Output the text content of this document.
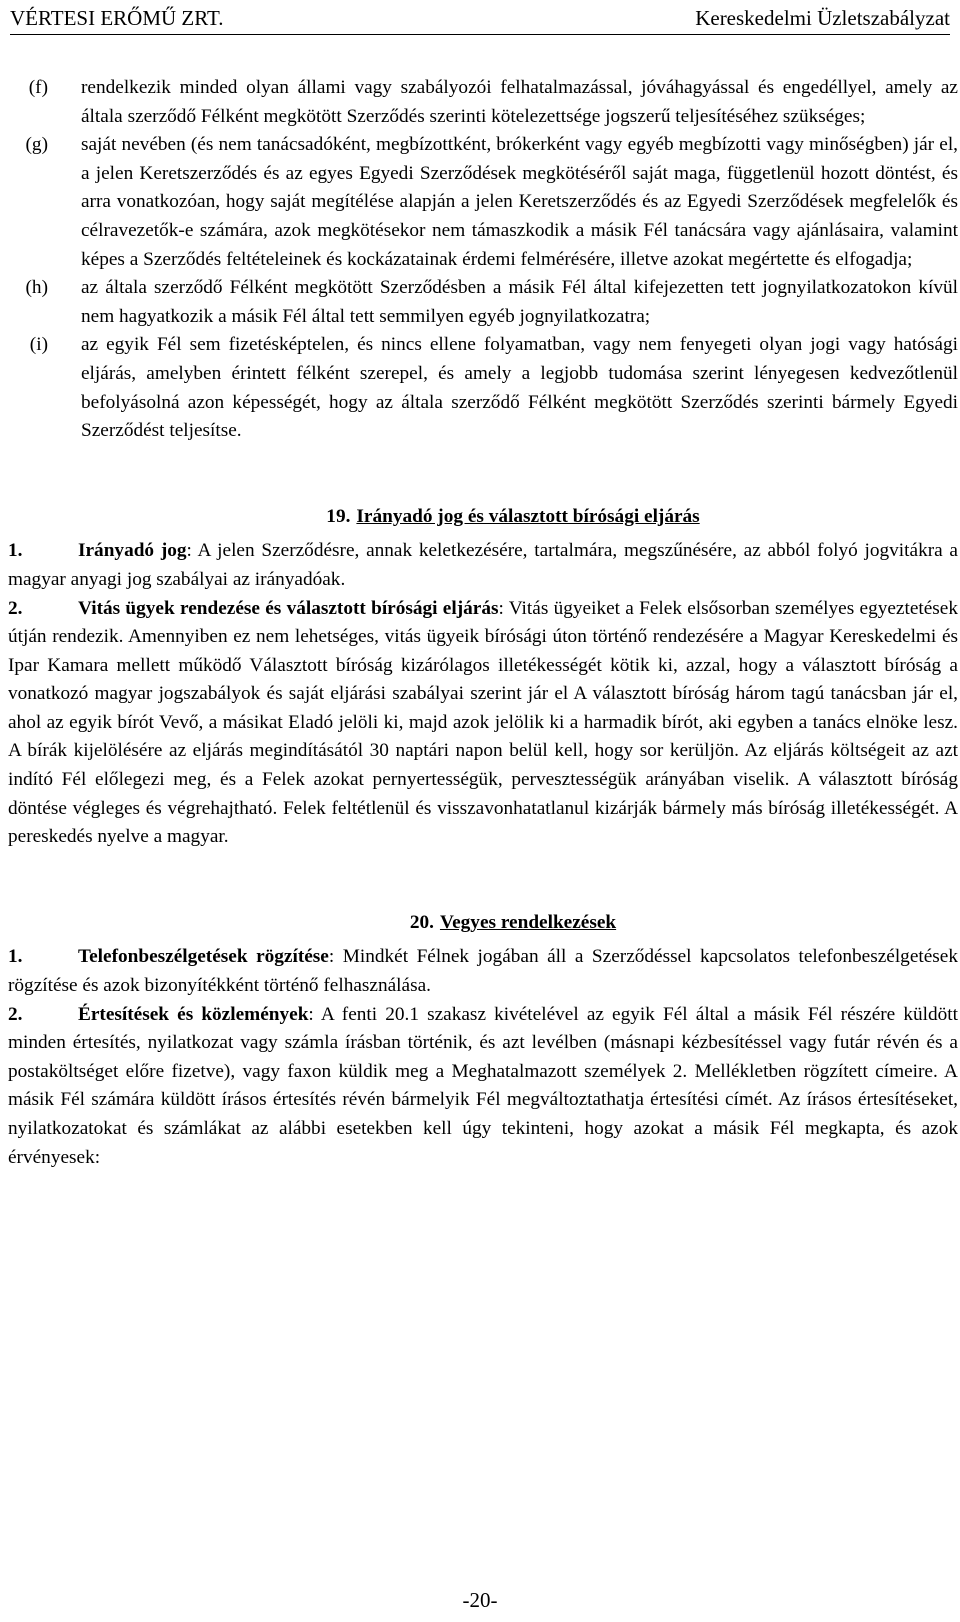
VÉRTESI ERŐMŰ ZRT.	Kereskedelmi Üzletszabályzat
(f) rendelkezik minded olyan állami vagy szabályozói felhatalmazással, jóváhagyással és engedéllyel, amely az általa szerződő Félként megkötött Szerződés szerinti kötelezettsége jogszerű teljesítéséhez szükséges;
(g) saját nevében (és nem tanácsadóként, megbízottként, brókerként vagy egyéb megbízotti vagy minőségben) jár el, a jelen Keretszerződés és az egyes Egyedi Szerződések megkötéséről saját maga, függetlenül hozott döntést, és arra vonatkozóan, hogy saját megítélése alapján a jelen Keretszerződés és az Egyedi Szerződések megfelelők és célravezetők-e számára, azok megkötésekor nem támaszkodik a másik Fél tanácsára vagy ajánlásaira, valamint képes a Szerződés feltételeinek és kockázatainak érdemi felmérésére, illetve azokat megértette és elfogadja;
(h) az általa szerződő Félként megkötött Szerződésben a másik Fél által kifejezetten tett jognyilatkozatokon kívül nem hagyatkozik a másik Fél által tett semmilyen egyéb jognyilatkozatra;
(i) az egyik Fél sem fizetésképtelen, és nincs ellene folyamatban, vagy nem fenyegeti olyan jogi vagy hatósági eljárás, amelyben érintett félként szerepel, és amely a legjobb tudomása szerint lényegesen kedvezőtlenül befolyásolná azon képességét, hogy az általa szerződő Félként megkötött Szerződés szerinti bármely Egyedi Szerződést teljesítse.
19. Irányadó jog és választott bírósági eljárás
1.	Irányadó jog: A jelen Szerződésre, annak keletkezésére, tartalmára, megszűnésére, az abból folyó jogvitákra a magyar anyagi jog szabályai az irányadóak.
2.	Vitás ügyek rendezése és választott bírósági eljárás: Vitás ügyeiket a Felek elsősorban személyes egyeztetések útján rendezik. Amennyiben ez nem lehetséges, vitás ügyeik bírósági úton történő rendezésére a Magyar Kereskedelmi és Ipar Kamara mellett működő Választott bíróság kizárólagos illetékességét kötik ki, azzal, hogy a választott bíróság a vonatkozó magyar jogszabályok és saját eljárási szabályai szerint jár el A választott bíróság három tagú tanácsban jár el, ahol az egyik bírót Vevő, a másikat Eladó jelöli ki, majd azok jelölik ki a harmadik bírót, aki egyben a tanács elnöke lesz. A bírák kijelölésére az eljárás megindításától 30 naptári napon belül kell, hogy sor kerüljön. Az eljárás költségeit az azt indító Fél előlegezi meg, és a Felek azokat pernyertességük, pervesztességük arányában viselik. A választott bíróság döntése végleges és végrehajtható. Felek feltétlenül és visszavonhatatlanul kizárják bármely más bíróság illetékességét. A pereskedés nyelve a magyar.
20. Vegyes rendelkezések
1.	Telefonbeszélgetések rögzítése: Mindkét Félnek jogában áll a Szerződéssel kapcsolatos telefonbeszélgetések rögzítése és azok bizonyítékként történő felhasználása.
2.	Értesítések és közlemények: A fenti 20.1 szakasz kivételével az egyik Fél által a másik Fél részére küldött minden értesítés, nyilatkozat vagy számla írásban történik, és azt levélben (másnapi kézbesítéssel vagy futár révén és a postaköltséget előre fizetve), vagy faxon küldik meg a Meghatalmazott személyek 2. Mellékletben rögzített címeire. A másik Fél számára küldött írásos értesítés révén bármelyik Fél megváltoztathatja értesítési címét. Az írásos értesítéseket, nyilatkozatokat és számlákat az alábbi esetekben kell úgy tekinteni, hogy azokat a másik Fél megkapta, és azok érvényesek:
-20-
